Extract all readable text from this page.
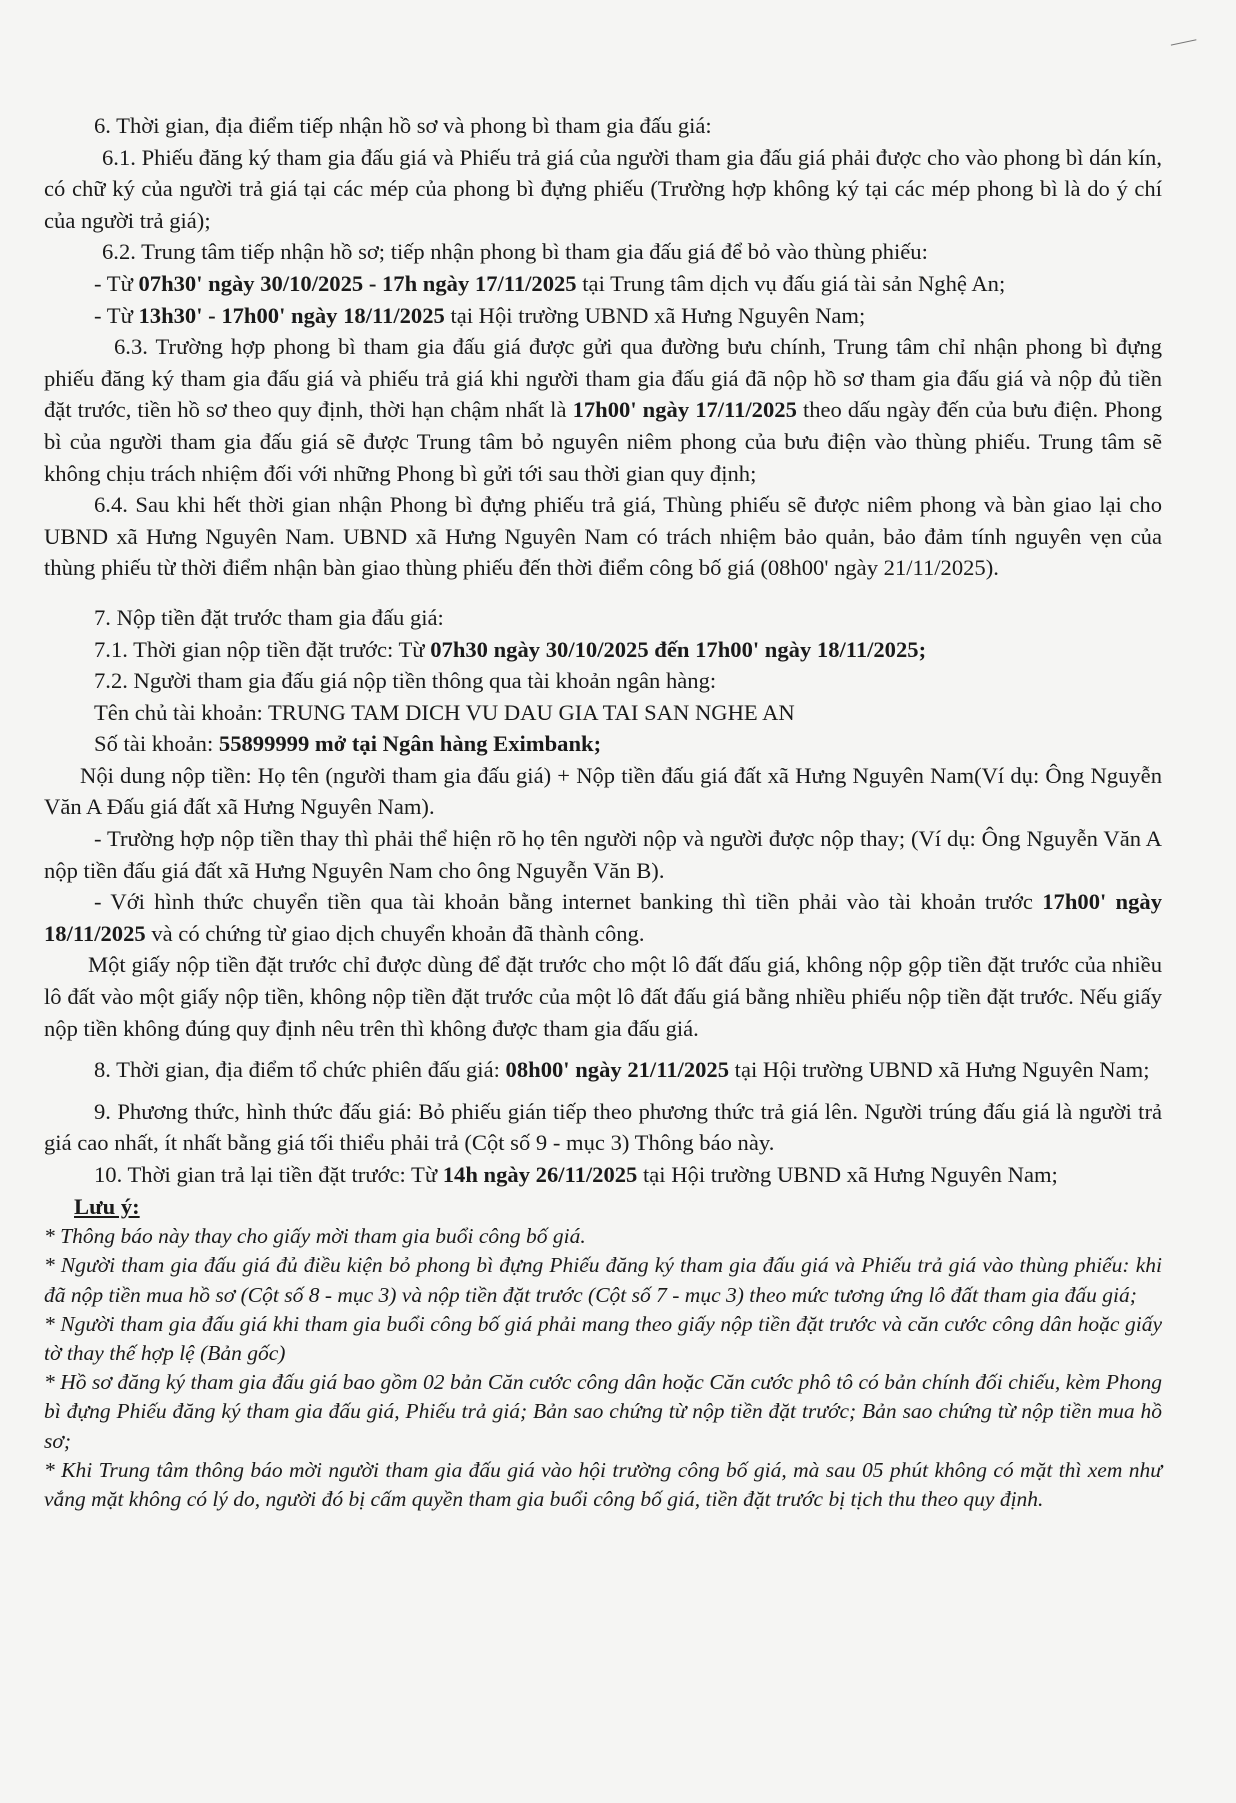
6. Thời gian, địa điểm tiếp nhận hồ sơ và phong bì tham gia đấu giá:

6.1. Phiếu đăng ký tham gia đấu giá và Phiếu trả giá của người tham gia đấu giá phải được cho vào phong bì dán kín, có chữ ký của người trả giá tại các mép của phong bì đựng phiếu (Trường hợp không ký tại các mép phong bì là do ý chí của người trả giá);

6.2. Trung tâm tiếp nhận hồ sơ; tiếp nhận phong bì tham gia đấu giá để bỏ vào thùng phiếu:

- Từ 07h30' ngày 30/10/2025 - 17h ngày 17/11/2025 tại Trung tâm dịch vụ đấu giá tài sản Nghệ An;

- Từ 13h30' - 17h00' ngày 18/11/2025 tại Hội trường UBND xã Hưng Nguyên Nam;

6.3. Trường hợp phong bì tham gia đấu giá được gửi qua đường bưu chính, Trung tâm chỉ nhận phong bì đựng phiếu đăng ký tham gia đấu giá và phiếu trả giá khi người tham gia đấu giá đã nộp hồ sơ tham gia đấu giá và nộp đủ tiền đặt trước, tiền hồ sơ theo quy định, thời hạn chậm nhất là 17h00' ngày 17/11/2025 theo dấu ngày đến của bưu điện. Phong bì của người tham gia đấu giá sẽ được Trung tâm bỏ nguyên niêm phong của bưu điện vào thùng phiếu. Trung tâm sẽ không chịu trách nhiệm đối với những Phong bì gửi tới sau thời gian quy định;

6.4. Sau khi hết thời gian nhận Phong bì đựng phiếu trả giá, Thùng phiếu sẽ được niêm phong và bàn giao lại cho UBND xã Hưng Nguyên Nam. UBND xã Hưng Nguyên Nam có trách nhiệm bảo quản, bảo đảm tính nguyên vẹn của thùng phiếu từ thời điểm nhận bàn giao thùng phiếu đến thời điểm công bố giá (08h00' ngày 21/11/2025).

7. Nộp tiền đặt trước tham gia đấu giá:

7.1. Thời gian nộp tiền đặt trước: Từ 07h30 ngày 30/10/2025 đến 17h00' ngày 18/11/2025;

7.2. Người tham gia đấu giá nộp tiền thông qua tài khoản ngân hàng:

Tên chủ tài khoản: TRUNG TAM DICH VU DAU GIA TAI SAN NGHE AN

Số tài khoản: 55899999 mở tại Ngân hàng Eximbank;

Nội dung nộp tiền: Họ tên (người tham gia đấu giá) + Nộp tiền đấu giá đất xã Hưng Nguyên Nam(Ví dụ: Ông Nguyễn Văn A Đấu giá đất xã Hưng Nguyên Nam).

- Trường hợp nộp tiền thay thì phải thể hiện rõ họ tên người nộp và người được nộp thay; (Ví dụ: Ông Nguyễn Văn A nộp tiền đấu giá đất xã Hưng Nguyên Nam cho ông Nguyễn Văn B).

- Với hình thức chuyển tiền qua tài khoản bằng internet banking thì tiền phải vào tài khoản trước 17h00' ngày 18/11/2025 và có chứng từ giao dịch chuyển khoản đã thành công.

Một giấy nộp tiền đặt trước chỉ được dùng để đặt trước cho một lô đất đấu giá, không nộp gộp tiền đặt trước của nhiều lô đất vào một giấy nộp tiền, không nộp tiền đặt trước của một lô đất đấu giá bằng nhiều phiếu nộp tiền đặt trước. Nếu giấy nộp tiền không đúng quy định nêu trên thì không được tham gia đấu giá.

8. Thời gian, địa điểm tổ chức phiên đấu giá: 08h00' ngày 21/11/2025 tại Hội trường UBND xã Hưng Nguyên Nam;

9. Phương thức, hình thức đấu giá: Bỏ phiếu gián tiếp theo phương thức trả giá lên. Người trúng đấu giá là người trả giá cao nhất, ít nhất bằng giá tối thiểu phải trả (Cột số 9 - mục 3) Thông báo này.

10. Thời gian trả lại tiền đặt trước: Từ 14h ngày 26/11/2025 tại Hội trường UBND xã Hưng Nguyên Nam;

Lưu ý:

* Thông báo này thay cho giấy mời tham gia buổi công bố giá.

* Người tham gia đấu giá đủ điều kiện bỏ phong bì đựng Phiếu đăng ký tham gia đấu giá và Phiếu trả giá vào thùng phiếu: khi đã nộp tiền mua hồ sơ (Cột số 8 - mục 3) và nộp tiền đặt trước (Cột số 7 - mục 3) theo mức tương ứng lô đất tham gia đấu giá;

* Người tham gia đấu giá khi tham gia buổi công bố giá phải mang theo giấy nộp tiền đặt trước và căn cước công dân hoặc giấy tờ thay thế hợp lệ (Bản gốc)

* Hồ sơ đăng ký tham gia đấu giá bao gồm 02 bản Căn cước công dân hoặc Căn cước phô tô có bản chính đối chiếu, kèm Phong bì đựng Phiếu đăng ký tham gia đấu giá, Phiếu trả giá; Bản sao chứng từ nộp tiền đặt trước; Bản sao chứng từ nộp tiền mua hồ sơ;

* Khi Trung tâm thông báo mời người tham gia đấu giá vào hội trường công bố giá, mà sau 05 phút không có mặt thì xem như vắng mặt không có lý do, người đó bị cấm quyền tham gia buổi công bố giá, tiền đặt trước bị tịch thu theo quy định.
